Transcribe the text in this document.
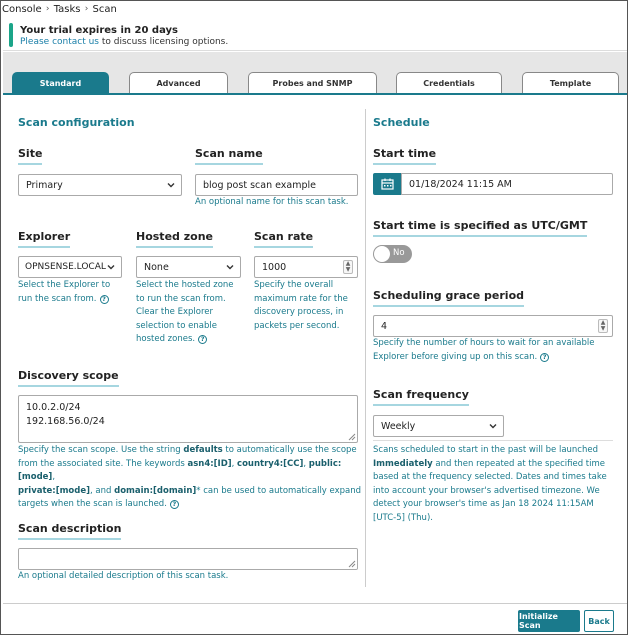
Console › Tasks › Scan
Your trial expires in 20 days
Please contact us to discuss licensing options.
Standard	Advanced	Probes and SNMP	Credentials	Template
Scan configuration
Site
Primary
Scan name
blog post scan example
An optional name for this scan task.
Explorer
OPNSENSE.LOCAL
Select the Explorer to
run the scan from. ?
Hosted zone
None
Select the hosted zone
to run the scan from.
Clear the Explorer
selection to enable
hosted zones. ?
Scan rate
1000	▲
▼
Specify the overall
maximum rate for the
discovery process, in
packets per second.
Discovery scope
10.0.2.0/24 192.168.56.0/24
Specify the scan scope. Use the string defaults to automatically use the scope
from the associated site. The keywords asn4:[ID], country4:[CC], public:[mode],
private:[mode], and domain:[domain]* can be used to automatically expand
targets when the scan is launched. ?
Scan description
An optional detailed description of this scan task.
Schedule
Start time
01/18/2024 11:15 AM
Start time is specified as UTC/GMT
No
Scheduling grace period
4	▲
▼
Specify the number of hours to wait for an available
Explorer before giving up on this scan. ?
Scan frequency
Weekly
Scans scheduled to start in the past will be launched
Immediately and then repeated at the specified time
based at the frequency selected. Dates and times take
into account your browser's advertised timezone. We
detect your browser's time as Jan 18 2024 11:15AM
[UTC-5] (Thu).
Initialize Scan	Back
